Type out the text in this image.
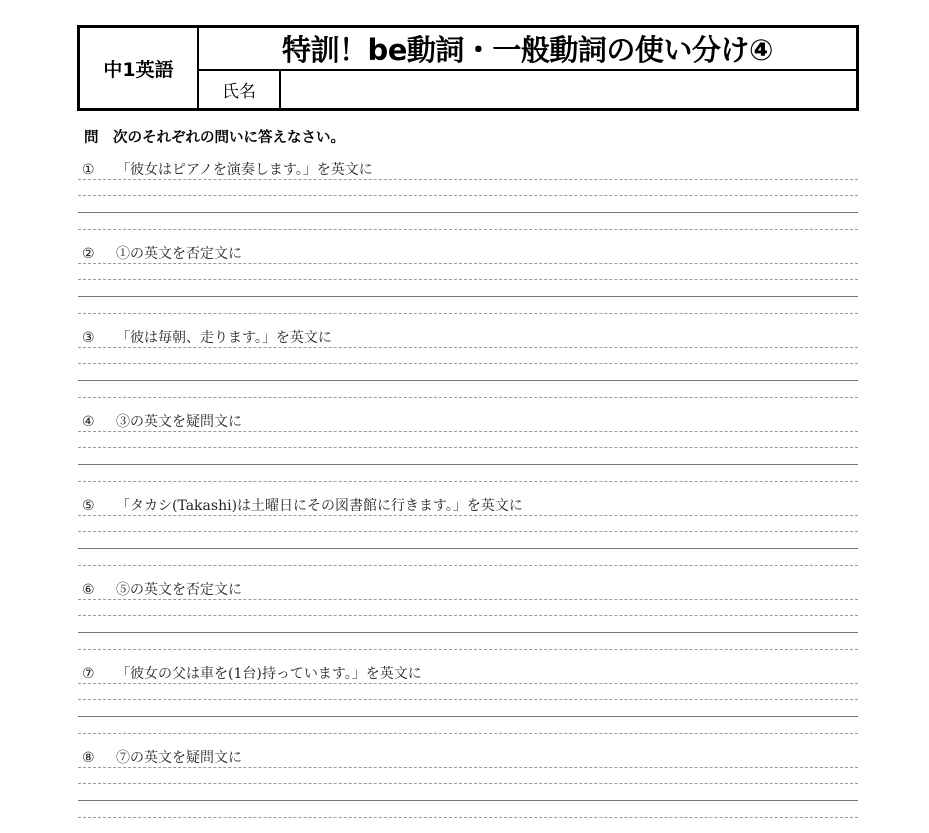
中1英語
特訓！be動詞・一般動詞の使い分け④
氏名
問　次のそれぞれの問いに答えなさい。
① 「彼女はピアノを演奏します。」を英文に
② ①の英文を否定文に
③ 「彼は毎朝、走ります。」を英文に
④ ③の英文を疑問文に
⑤ 「タカシ(Takashi)は土曜日にその図書館に行きます。」を英文に
⑥ ⑤の英文を否定文に
⑦ 「彼女の父は車を(1台)持っています。」を英文に
⑧ ⑦の英文を疑問文に
